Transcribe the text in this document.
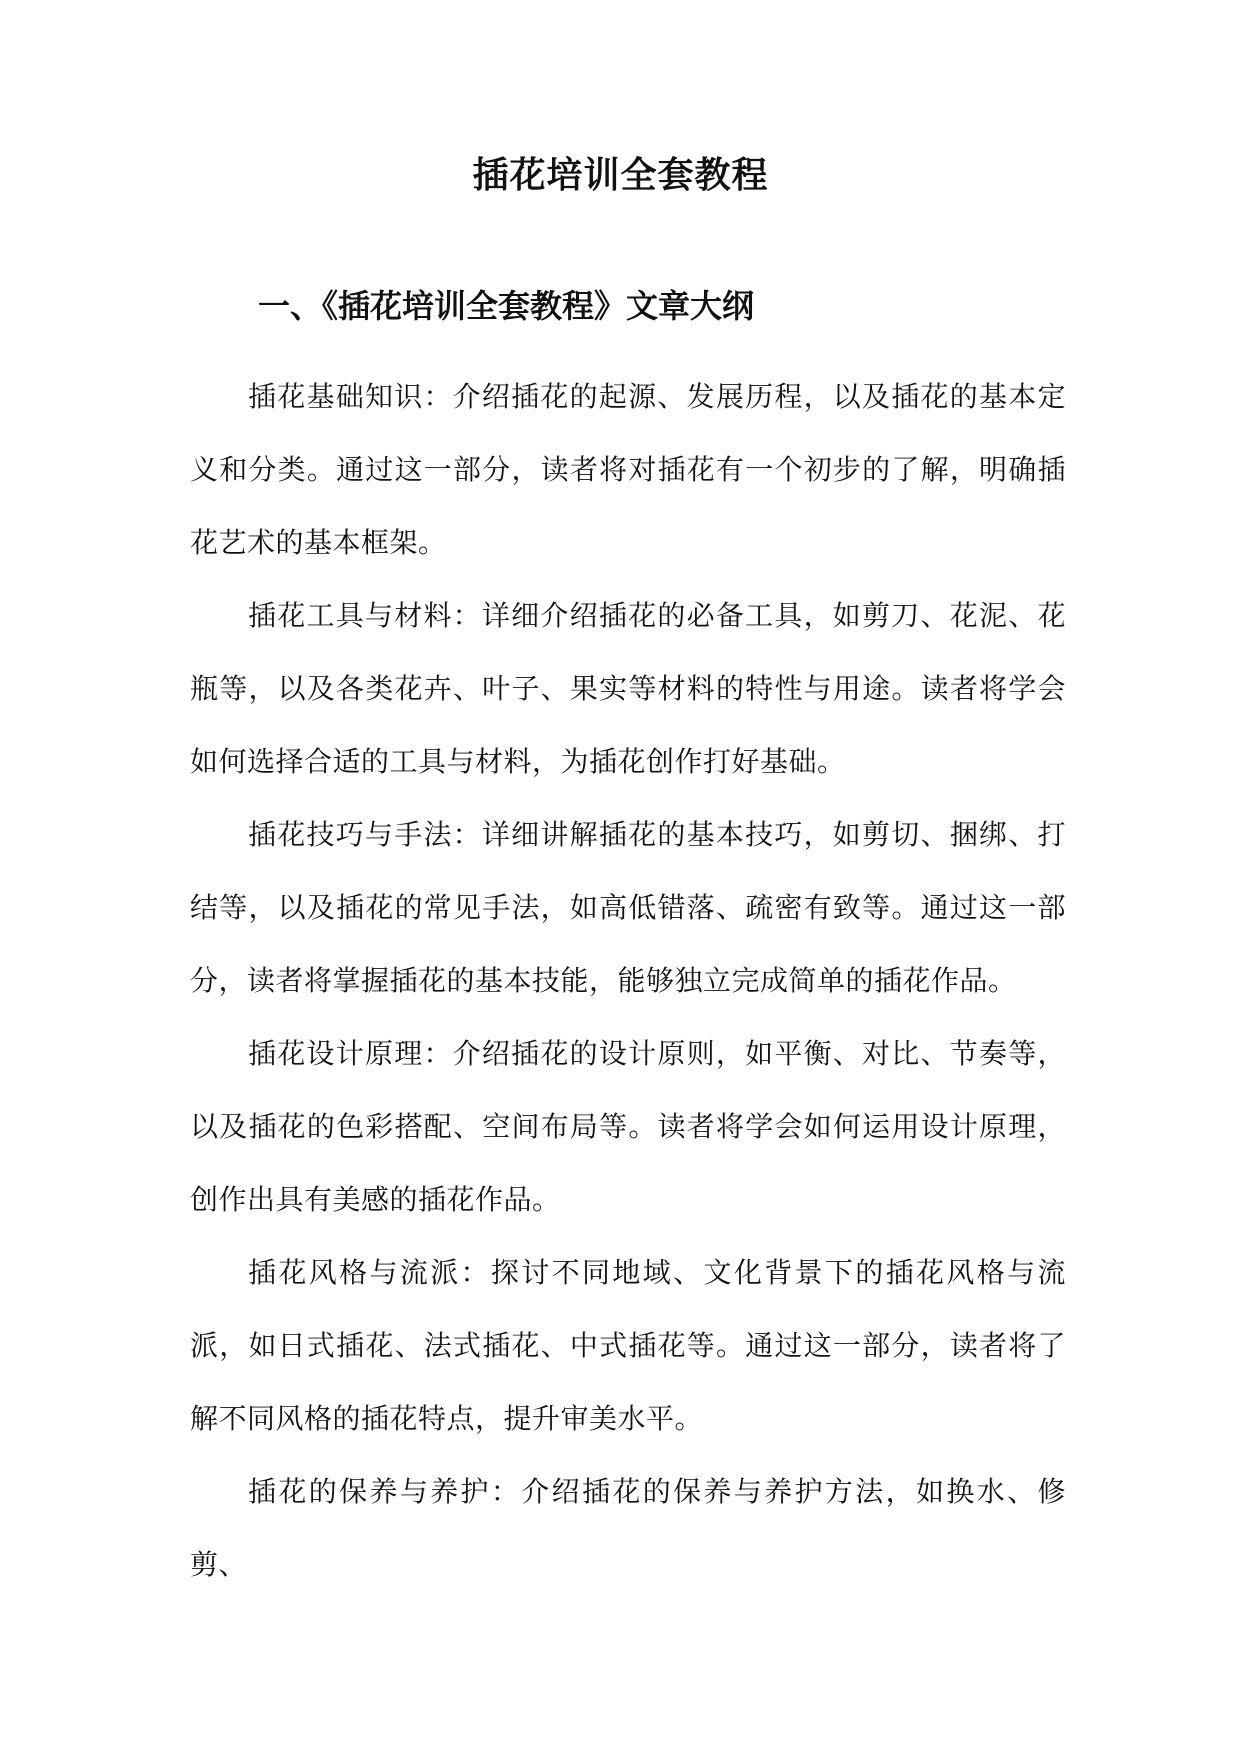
插花培训全套教程
一、《插花培训全套教程》文章大纲

插花基础知识：介绍插花的起源、发展历程，以及插花的基本定义和分类。通过这一部分，读者将对插花有一个初步的了解，明确插花艺术的基本框架。

插花工具与材料：详细介绍插花的必备工具，如剪刀、花泥、花瓶等，以及各类花卉、叶子、果实等材料的特性与用途。读者将学会如何选择合适的工具与材料，为插花创作打好基础。

插花技巧与手法：详细讲解插花的基本技巧，如剪切、捆绑、打结等，以及插花的常见手法，如高低错落、疏密有致等。通过这一部分，读者将掌握插花的基本技能，能够独立完成简单的插花作品。

插花设计原理：介绍插花的设计原则，如平衡、对比、节奏等，以及插花的色彩搭配、空间布局等。读者将学会如何运用设计原理，创作出具有美感的插花作品。

插花风格与流派：探讨不同地域、文化背景下的插花风格与流派，如日式插花、法式插花、中式插花等。通过这一部分，读者将了解不同风格的插花特点，提升审美水平。

插花的保养与养护：介绍插花的保养与养护方法，如换水、修剪、
